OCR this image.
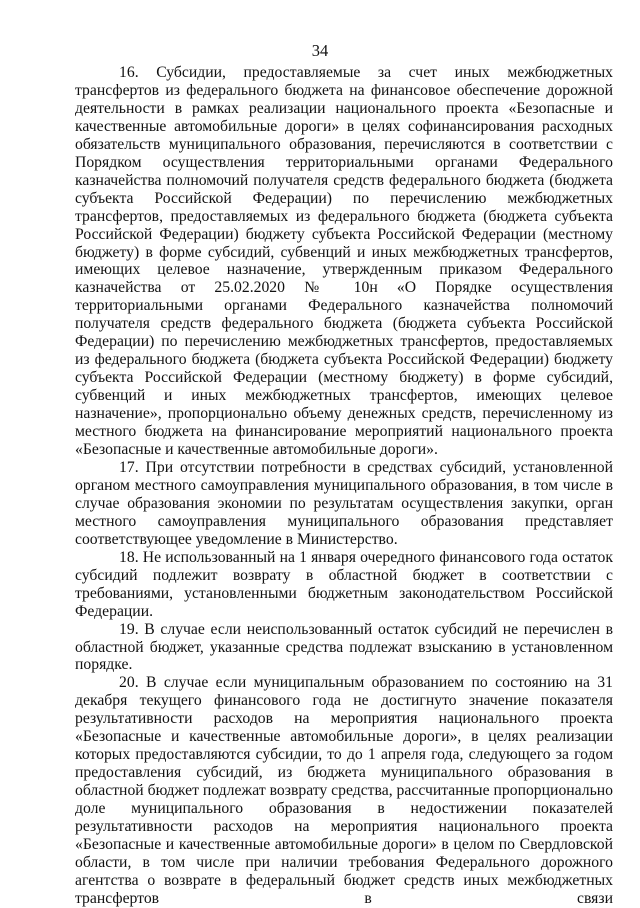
34

16. Субсидии, предоставляемые за счет иных межбюджетных трансфертов из федерального бюджета на финансовое обеспечение дорожной деятельности в рамках реализации национального проекта «Безопасные и качественные автомобильные дороги» в целях софинансирования расходных обязательств муниципального образования, перечисляются в соответствии с Порядком осуществления территориальными органами Федерального казначейства полномочий получателя средств федерального бюджета (бюджета субъекта Российской Федерации) по перечислению межбюджетных трансфертов, предоставляемых из федерального бюджета (бюджета субъекта Российской Федерации) бюджету субъекта Российской Федерации (местному бюджету) в форме субсидий, субвенций и иных межбюджетных трансфертов, имеющих целевое назначение, утвержденным приказом Федерального казначейства от 25.02.2020 № 10н «О Порядке осуществления территориальными органами Федерального казначейства полномочий получателя средств федерального бюджета (бюджета субъекта Российской Федерации) по перечислению межбюджетных трансфертов, предоставляемых из федерального бюджета (бюджета субъекта Российской Федерации) бюджету субъекта Российской Федерации (местному бюджету) в форме субсидий, субвенций и иных межбюджетных трансфертов, имеющих целевое назначение», пропорционально объему денежных средств, перечисленному из местного бюджета на финансирование мероприятий национального проекта «Безопасные и качественные автомобильные дороги».

17. При отсутствии потребности в средствах субсидий, установленной органом местного самоуправления муниципального образования, в том числе в случае образования экономии по результатам осуществления закупки, орган местного самоуправления муниципального образования представляет соответствующее уведомление в Министерство.

18. Не использованный на 1 января очередного финансового года остаток субсидий подлежит возврату в областной бюджет в соответствии с требованиями, установленными бюджетным законодательством Российской Федерации.

19. В случае если неиспользованный остаток субсидий не перечислен в областной бюджет, указанные средства подлежат взысканию в установленном порядке.

20. В случае если муниципальным образованием по состоянию на 31 декабря текущего финансового года не достигнуто значение показателя результативности расходов на мероприятия национального проекта «Безопасные и качественные автомобильные дороги», в целях реализации которых предоставляются субсидии, то до 1 апреля года, следующего за годом предоставления субсидий, из бюджета муниципального образования в областной бюджет подлежат возврату средства, рассчитанные пропорционально доле муниципального образования в недостижении показателей результативности расходов на мероприятия национального проекта «Безопасные и качественные автомобильные дороги» в целом по Свердловской области, в том числе при наличии требования Федерального дорожного агентства о возврате в федеральный бюджет средств иных межбюджетных трансфертов в связи
